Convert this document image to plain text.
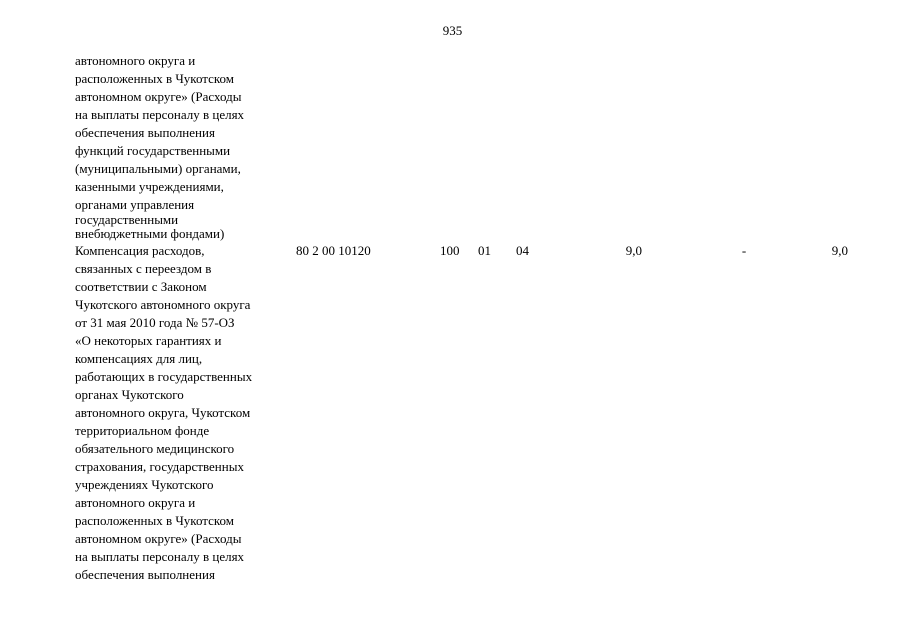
935
автономного округа и
расположенных в Чукотском
автономном округе» (Расходы
на выплаты персоналу в целях
обеспечения выполнения
функций государственными
(муниципальными) органами,
казенными учреждениями,
органами управления
государственными
внебюджетными фондами)
Компенсация расходов,
связанных с переездом в
соответствии с Законом
Чукотского автономного округа
от 31 мая 2010 года № 57-ОЗ
«О некоторых гарантиях и
компенсациях для лиц,
работающих в государственных
органах Чукотского
автономного округа, Чукотском
территориальном фонде
обязательного медицинского
страхования, государственных
учреждениях Чукотского
автономного округа и
расположенных в Чукотском
автономном округе» (Расходы
на выплаты персоналу в целях
обеспечения выполнения
80 2 00 10120	100 01 04	9,0	-	9,0
